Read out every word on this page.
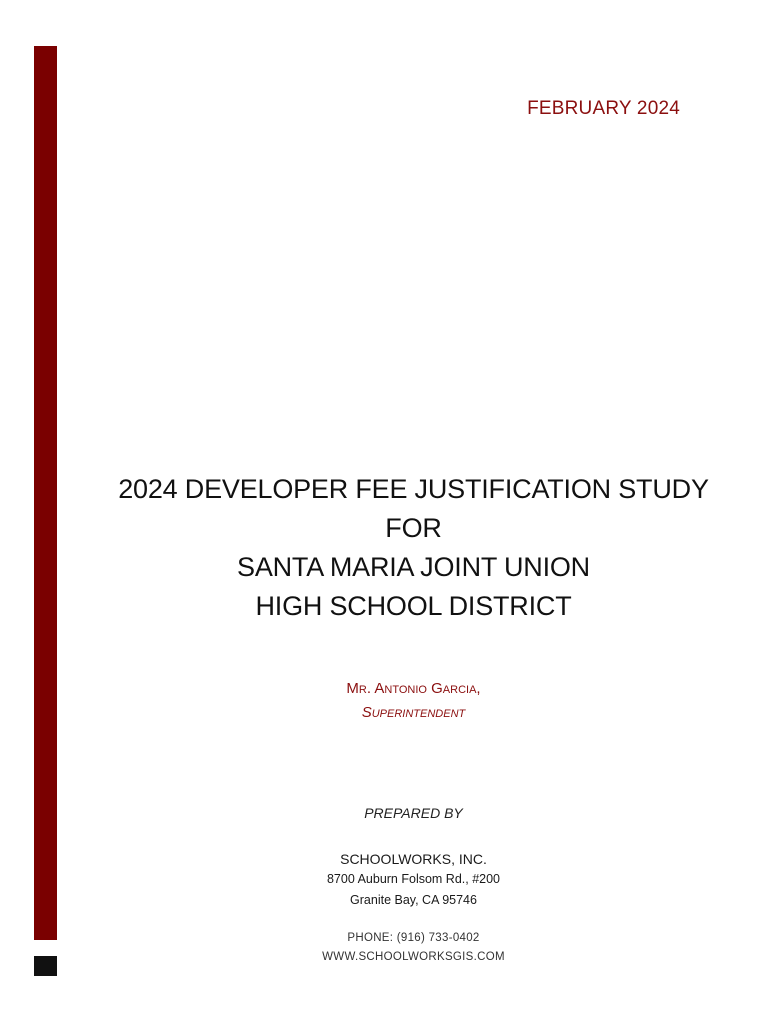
FEBRUARY 2024
2024 DEVELOPER FEE JUSTIFICATION STUDY
FOR
SANTA MARIA JOINT UNION
HIGH SCHOOL DISTRICT
Mr. Antonio Garcia,
Superintendent
PREPARED BY
SCHOOLWORKS, INC.
8700 Auburn Folsom Rd., #200
Granite Bay, CA 95746
PHONE: (916) 733-0402
WWW.SCHOOLWORKSGIS.COM
